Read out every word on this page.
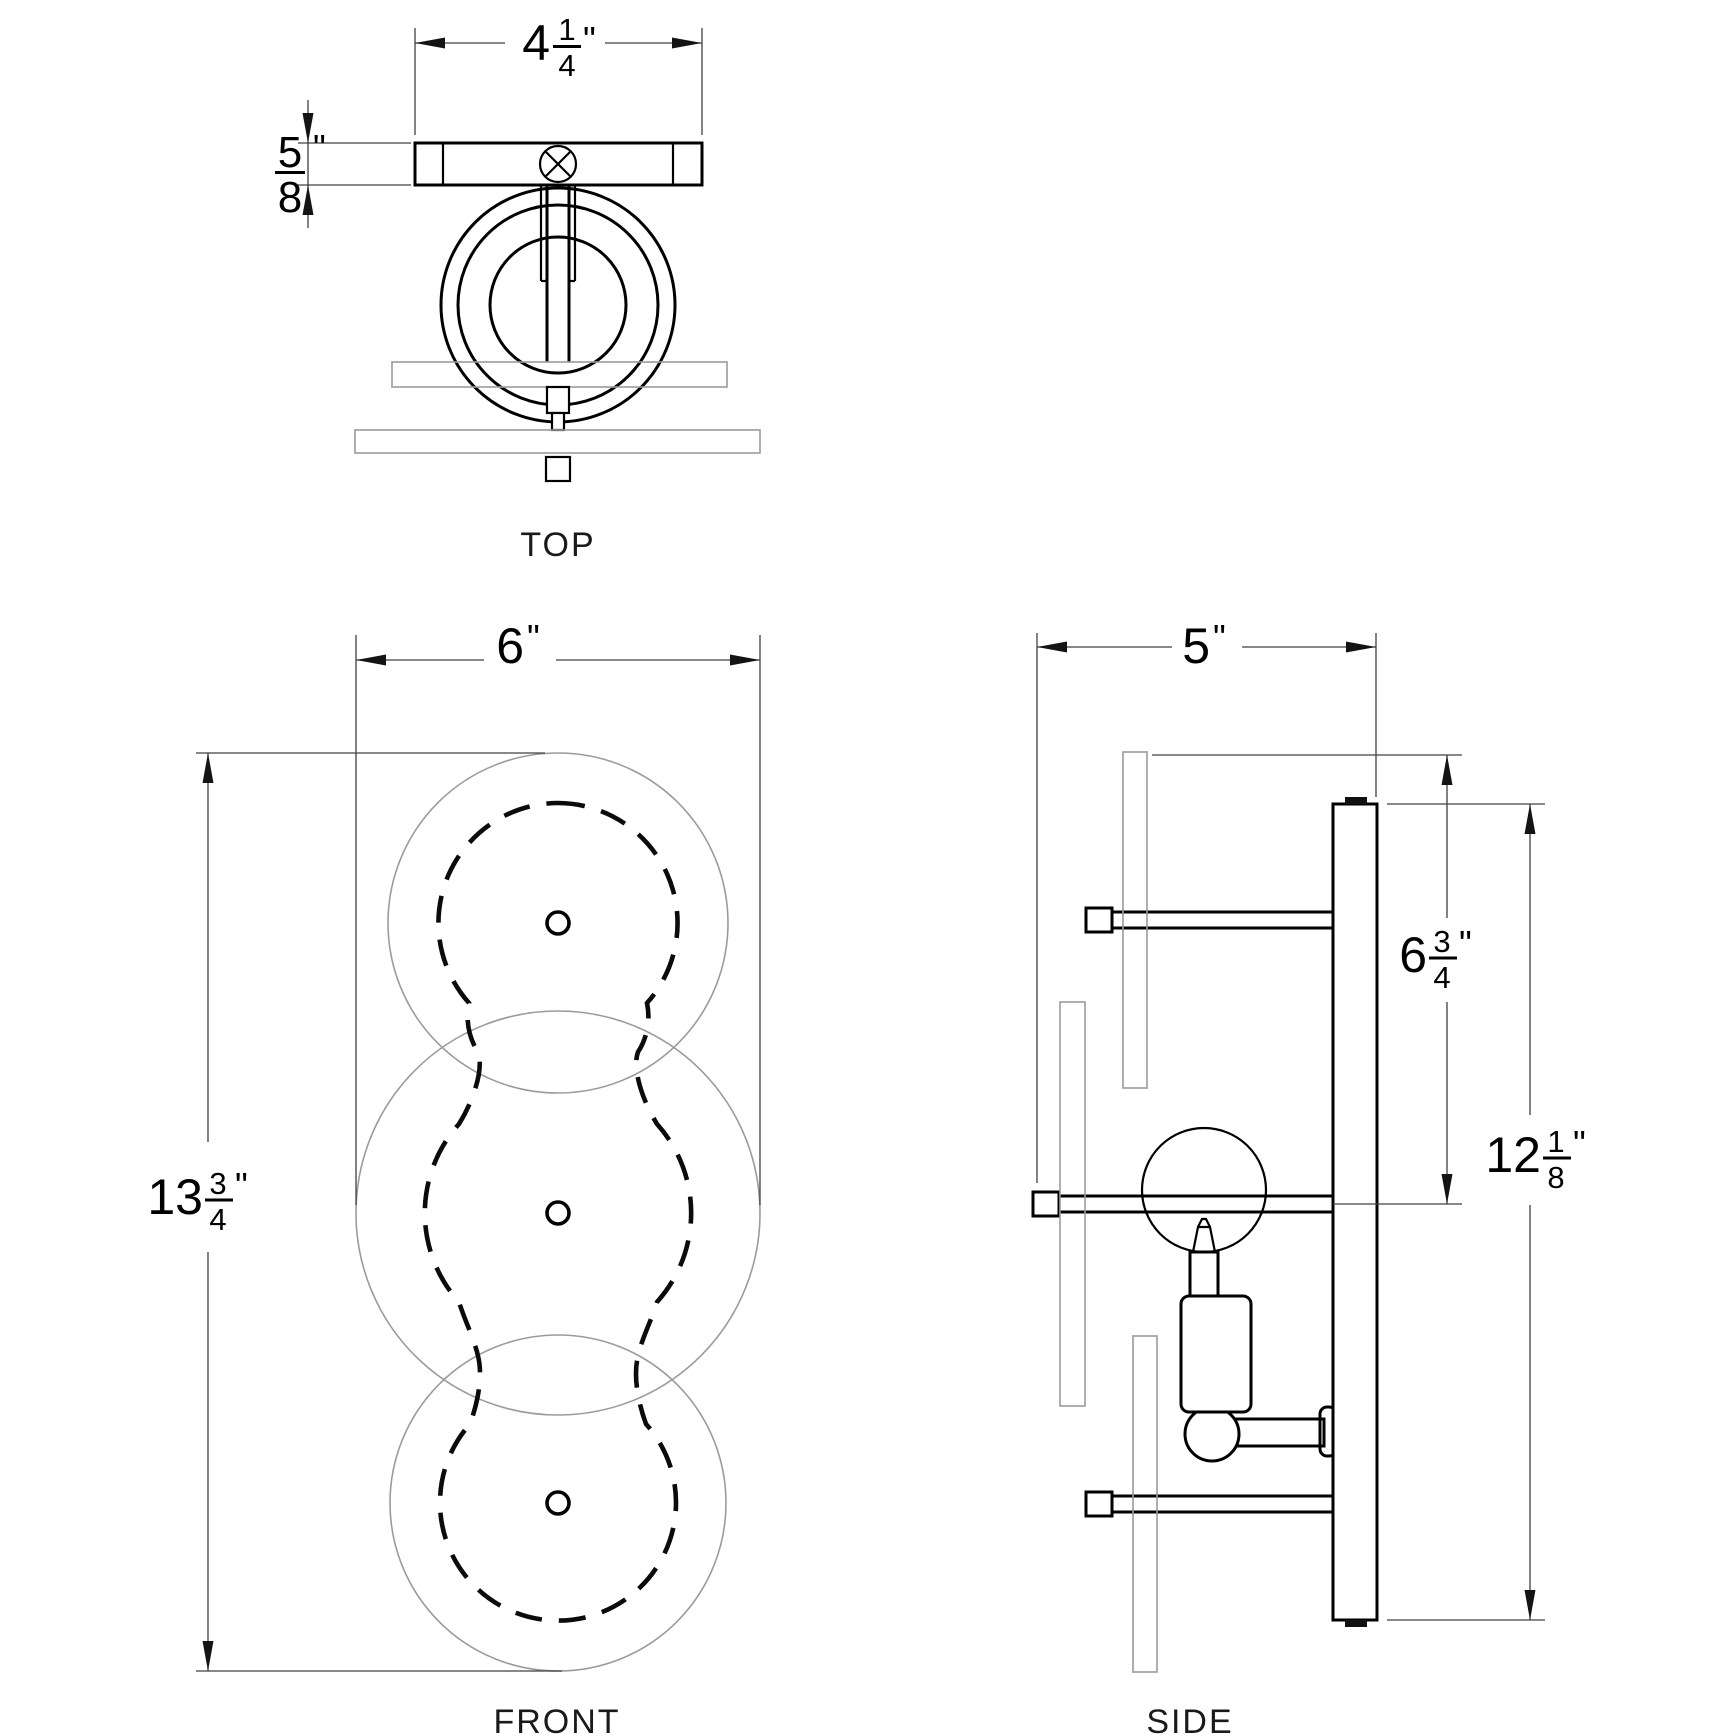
4 1
4
"
5
8
"
TOP
6 "
13 3
4
"
FRONT
5 "
6 3
4
"
12 1
8
"
SIDE
